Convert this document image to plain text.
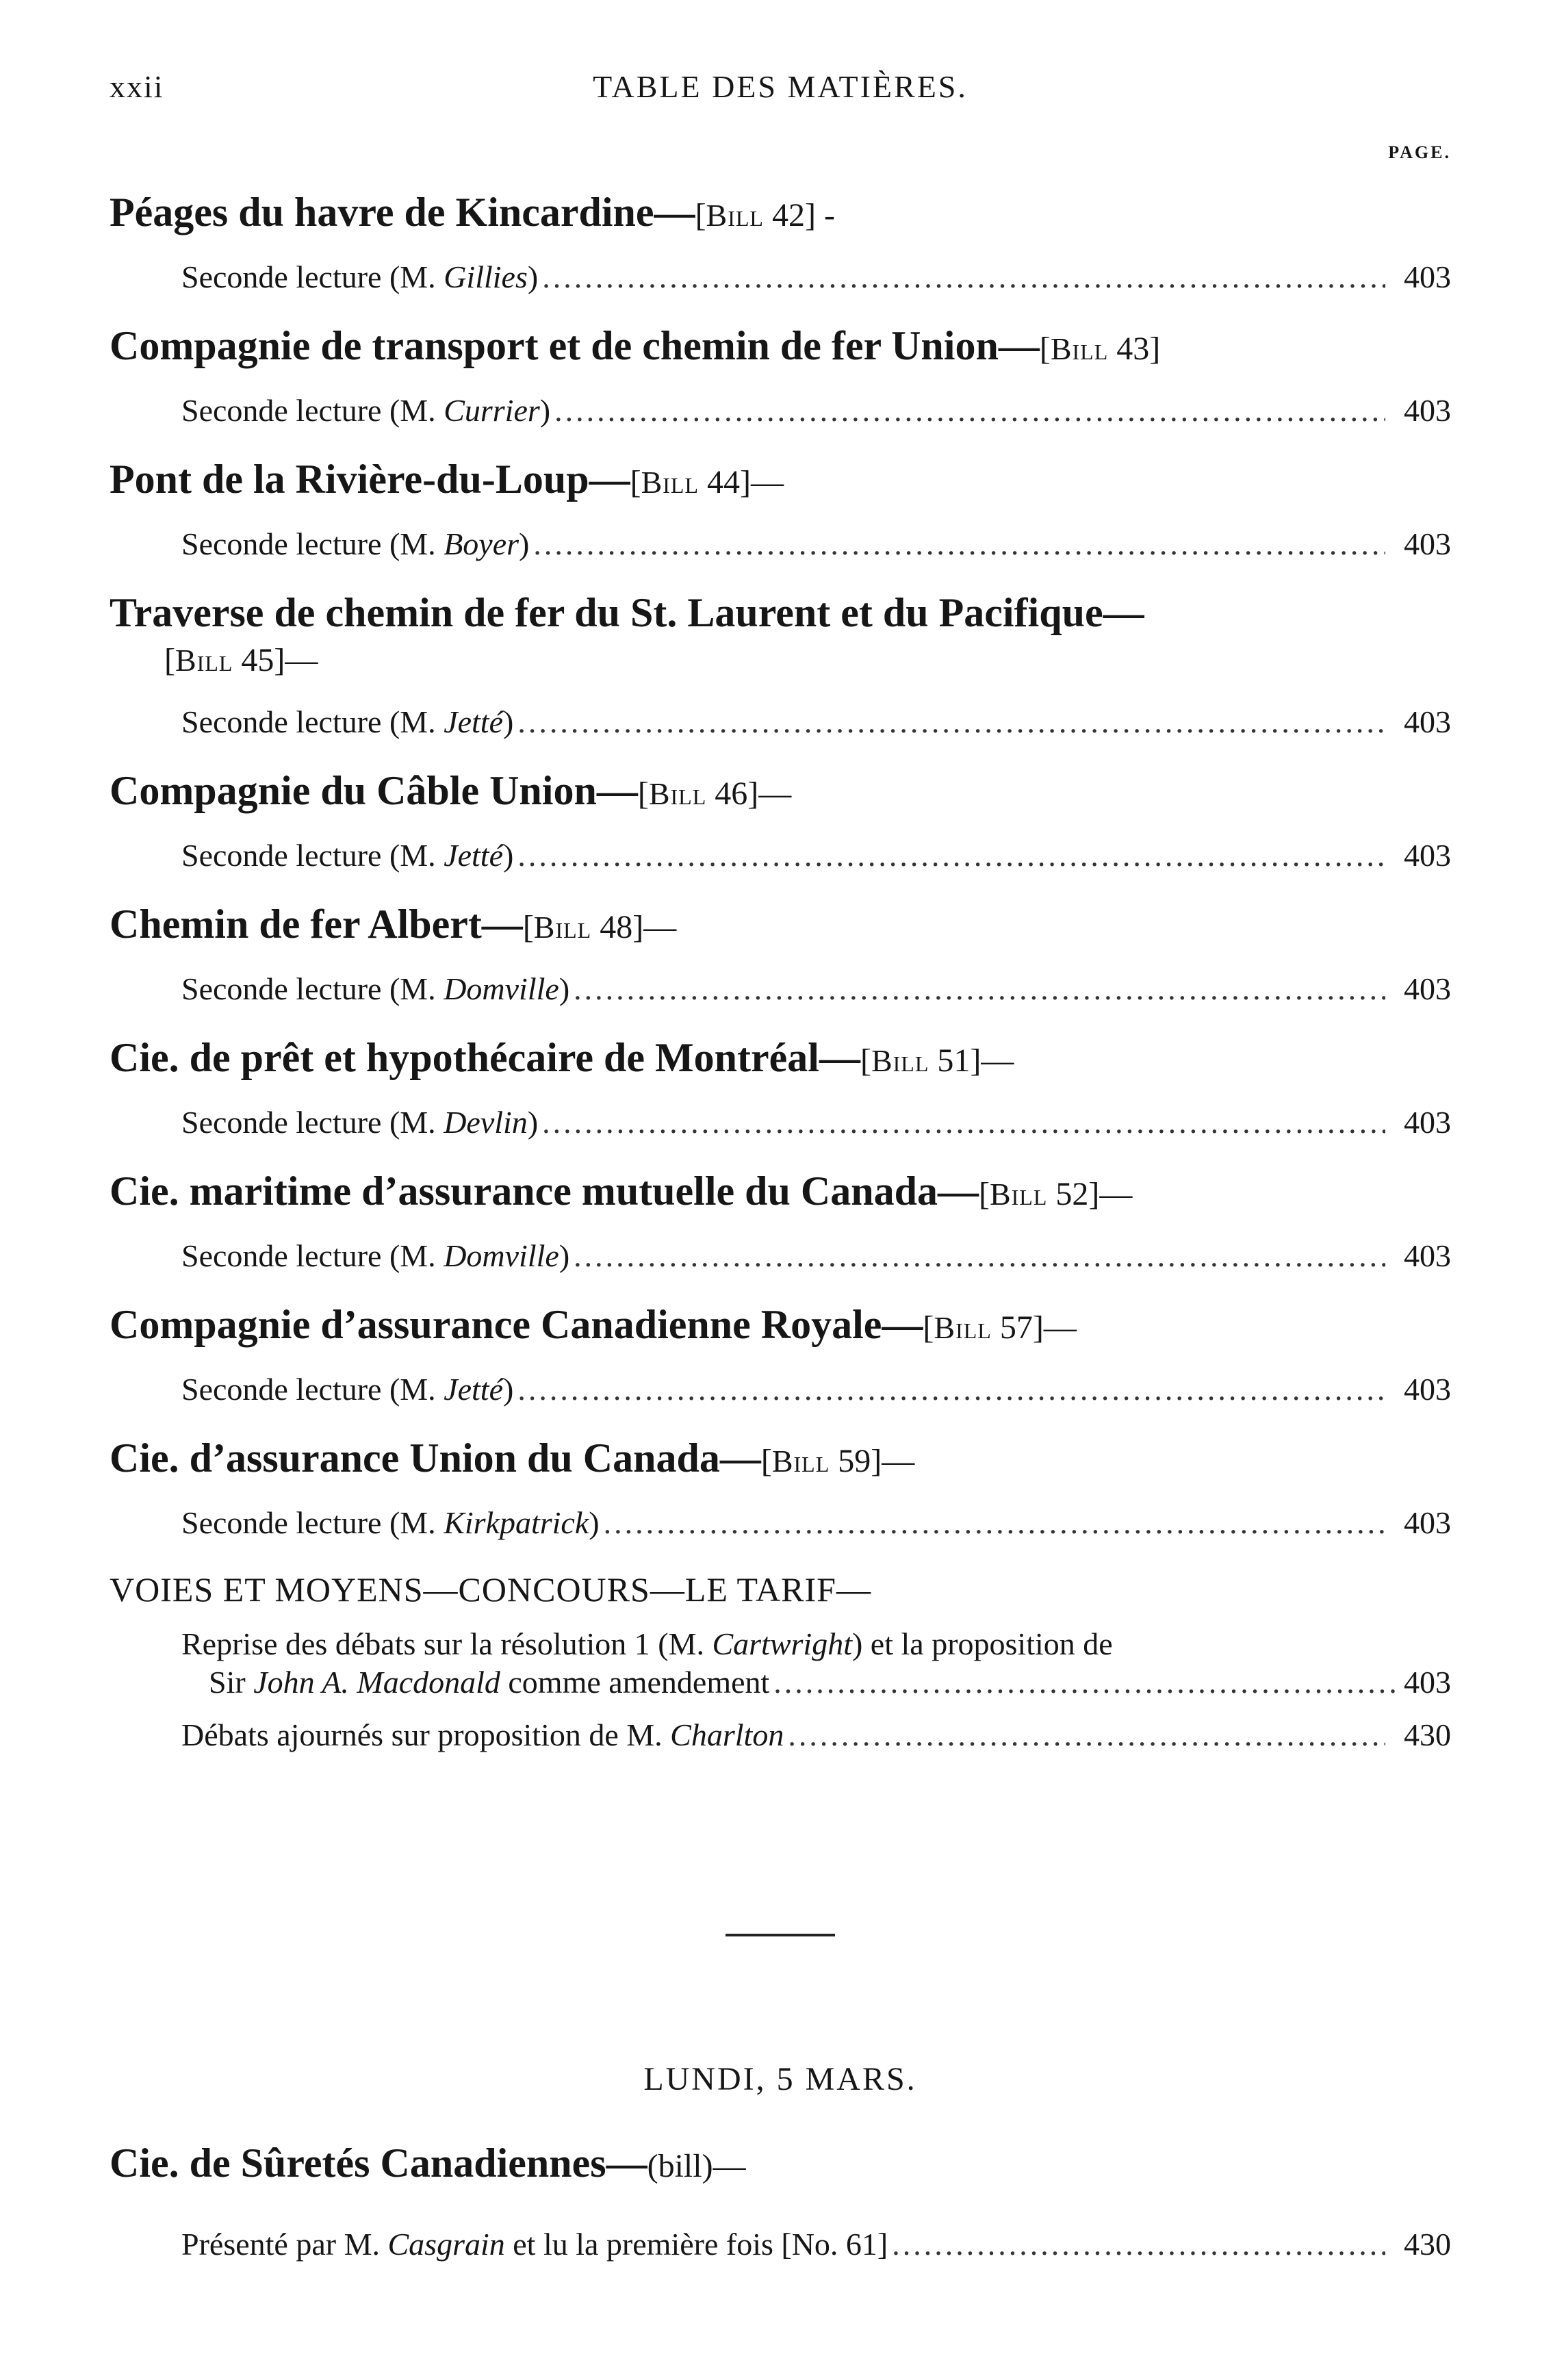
xxii	TABLE DES MATIÈRES.
PAGE.
Péages du havre de Kincardine—[Bill 42] -
Seconde lecture (M. Gillies) .....	403
Compagnie de transport et de chemin de fer Union—[Bill 43]
Seconde lecture (M. Currier) .....	403
Pont de la Rivière-du-Loup—[Bill 44]—
Seconde lecture (M. Boyer) .....	403
Traverse de chemin de fer du St. Laurent et du Pacifique—

[Bill 45]—
Seconde lecture (M. Jetté) .....	403
Compagnie du Câble Union—[Bill 46]—
Seconde lecture (M. Jetté) .....	403
Chemin de fer Albert—[Bill 48]—
Seconde lecture (M. Domville) .....	403
Cie. de prêt et hypothécaire de Montréal—[Bill 51]—
Seconde lecture (M. Devlin) .....	403
Cie. maritime d’assurance mutuelle du Canada—[Bill 52]—
Seconde lecture (M. Domville) .....	403
Compagnie d’assurance Canadienne Royale—[Bill 57]—
Seconde lecture (M. Jetté) .....	403
Cie. d’assurance Union du Canada—[Bill 59]—
Seconde lecture (M. Kirkpatrick) .....	403
VOIES ET MOYENS—CONCOURS—LE TARIF—
Reprise des débats sur la résolution 1 (M. Cartwright) et la proposition de
Sir John A. Macdonald comme amendement .....	403
Débats ajournés sur proposition de M. Charlton .....	430
LUNDI, 5 MARS.
Cie. de Sûretés Canadiennes—(bill)—
Présenté par M. Casgrain et lu la première fois [No. 61] .....	430
